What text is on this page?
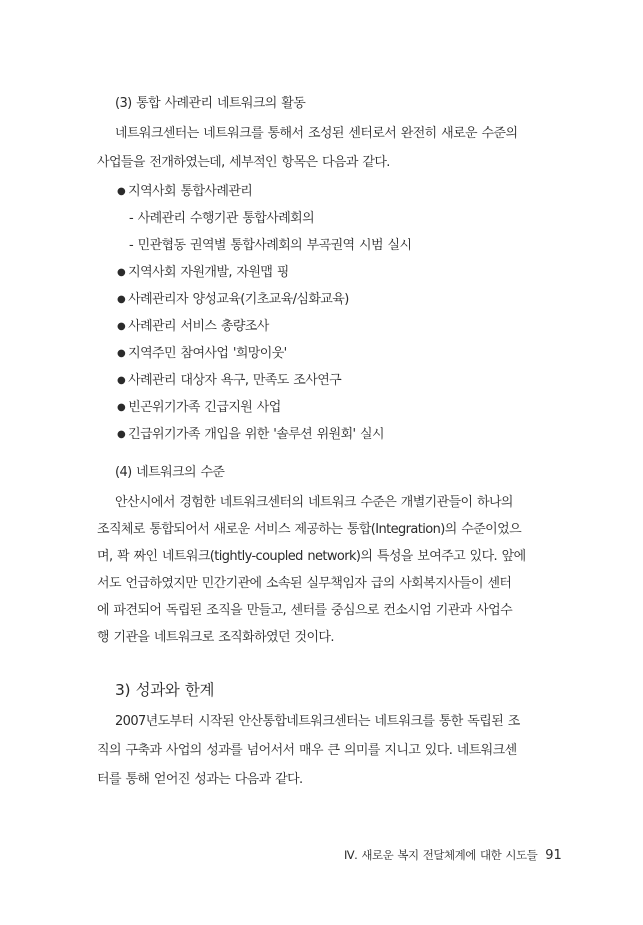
(3) 통합 사례관리 네트워크의 활동
네트워크센터는 네트워크를 통해서 조성된 센터로서 완전히 새로운 수준의
사업들을 전개하였는데, 세부적인 항목은 다음과 같다.
● 지역사회 통합사례관리
- 사례관리 수행기관 통합사례회의
- 민관협동 권역별 통합사례회의 부곡권역 시범 실시
● 지역사회 자원개발, 자원맵 핑
● 사례관리자 양성교육(기초교육/심화교육)
● 사례관리 서비스 총량조사
● 지역주민 참여사업 '희망이웃'
● 사례관리 대상자 욕구, 만족도 조사연구
● 빈곤위기가족 긴급지원 사업
● 긴급위기가족 개입을 위한 '솔루션 위원회' 실시
(4) 네트워크의 수준
안산시에서 경험한 네트워크센터의 네트워크 수준은 개별기관들이 하나의
조직체로 통합되어서 새로운 서비스 제공하는 통합(Integration)의 수준이었으
며, 꽉 짜인 네트워크(tightly-coupled network)의 특성을 보여주고 있다. 앞에
서도 언급하였지만 민간기관에 소속된 실무책임자 급의 사회복지사들이 센터
에 파견되어 독립된 조직을 만들고, 센터를 중심으로 컨소시엄 기관과 사업수
행 기관을 네트워크로 조직화하였던 것이다.
3) 성과와 한계
2007년도부터 시작된 안산통합네트워크센터는 네트워크를 통한 독립된 조
직의 구축과 사업의 성과를 넘어서서 매우 큰 의미를 지니고 있다. 네트워크센
터를 통해 얻어진 성과는 다음과 같다.
Ⅳ. 새로운 복지 전달체계에 대한 시도들 91
